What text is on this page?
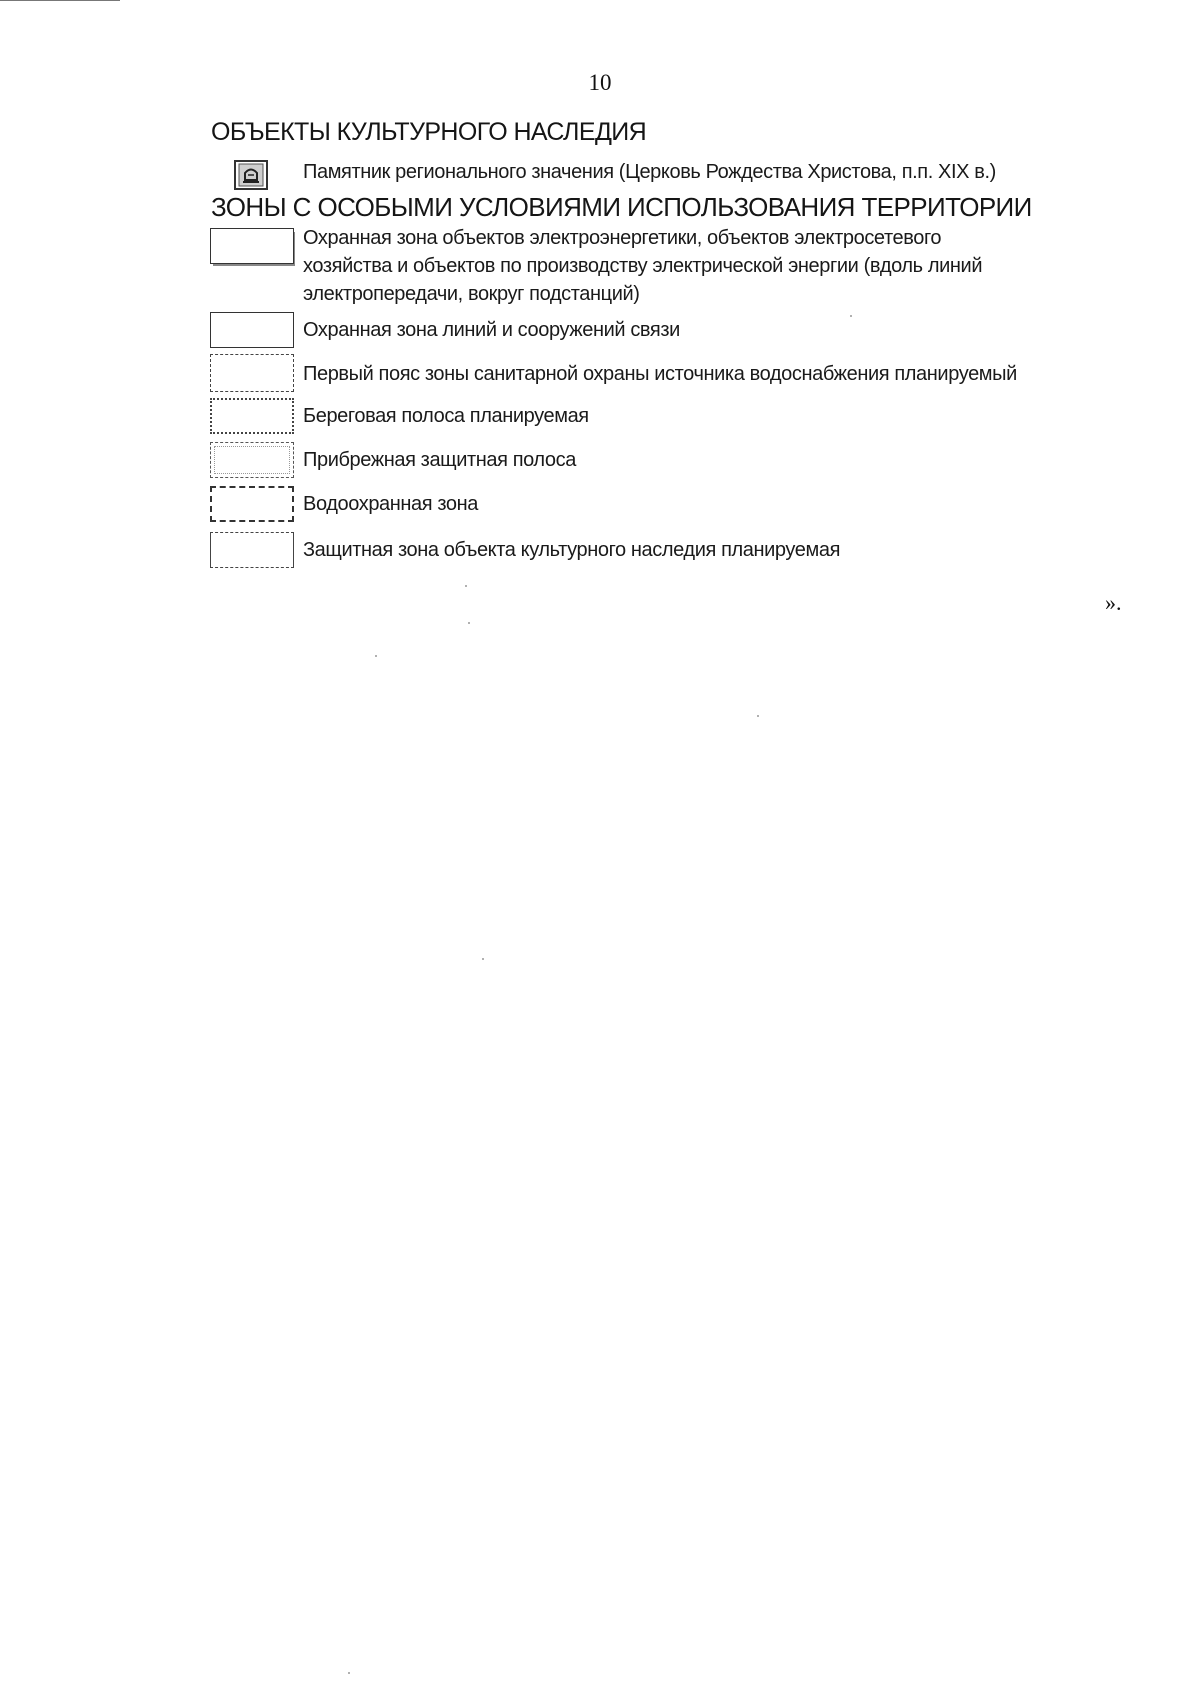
10
ОБЪЕКТЫ КУЛЬТУРНОГО НАСЛЕДИЯ
Памятник регионального значения (Церковь Рождества Христова, п.п. XIX в.)
ЗОНЫ С ОСОБЫМИ УСЛОВИЯМИ ИСПОЛЬЗОВАНИЯ ТЕРРИТОРИИ
Охранная зона объектов электроэнергетики, объектов электросетевого
хозяйства и объектов по производству электрической энергии (вдоль линий
электропередачи, вокруг подстанций)
Охранная зона линий и сооружений связи
Первый пояс зоны санитарной охраны источника водоснабжения планируемый
Береговая полоса планируемая
Прибрежная защитная полоса
Водоохранная зона
Защитная зона объекта культурного наследия планируемая
».
